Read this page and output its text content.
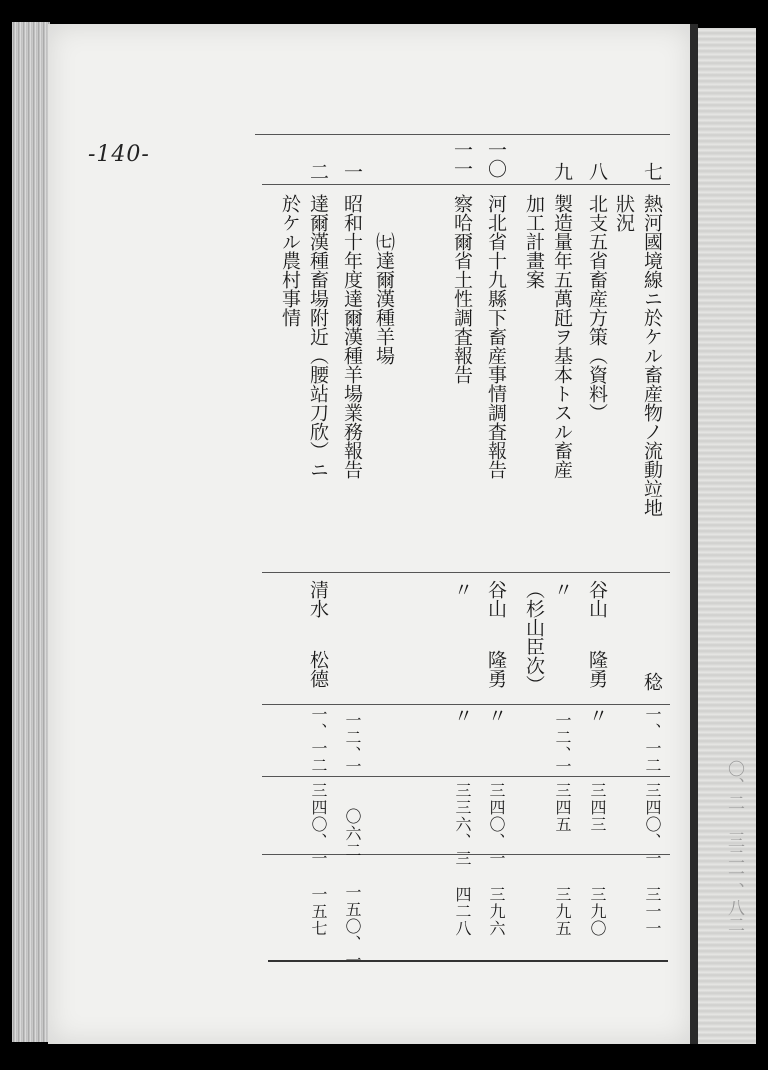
〇、二 三二一、八二
-140-
七
熱河國境線ニ於ケル畜産物ノ流動竝地
狀況
稔
一、一二
三四〇、一
三一一
八
北支五省畜産方策（資料）
谷山
隆勇
〃
三四三
三九〇
九
製造量年五萬瓩ヲ基本トスル畜産
加工計畫案
〃
（杉山臣次）
一二、
一
三四五
三九五
一〇
河北省十九縣下畜産事情調査報告
谷山
隆勇
〃
三四〇、一
三九六
一一
察哈爾省土性調査報告
〃
〃
三三六、三
四二八
㈦達爾漢種羊場
一
昭和十年度達爾漢種羊場業務報告
一二、
一
〇六二
一五〇、一
二
達爾漢種畜場附近（腰站刀欣）ニ
於ケル農村事情
清水
松德
一、一二
三四〇、一
一五七
